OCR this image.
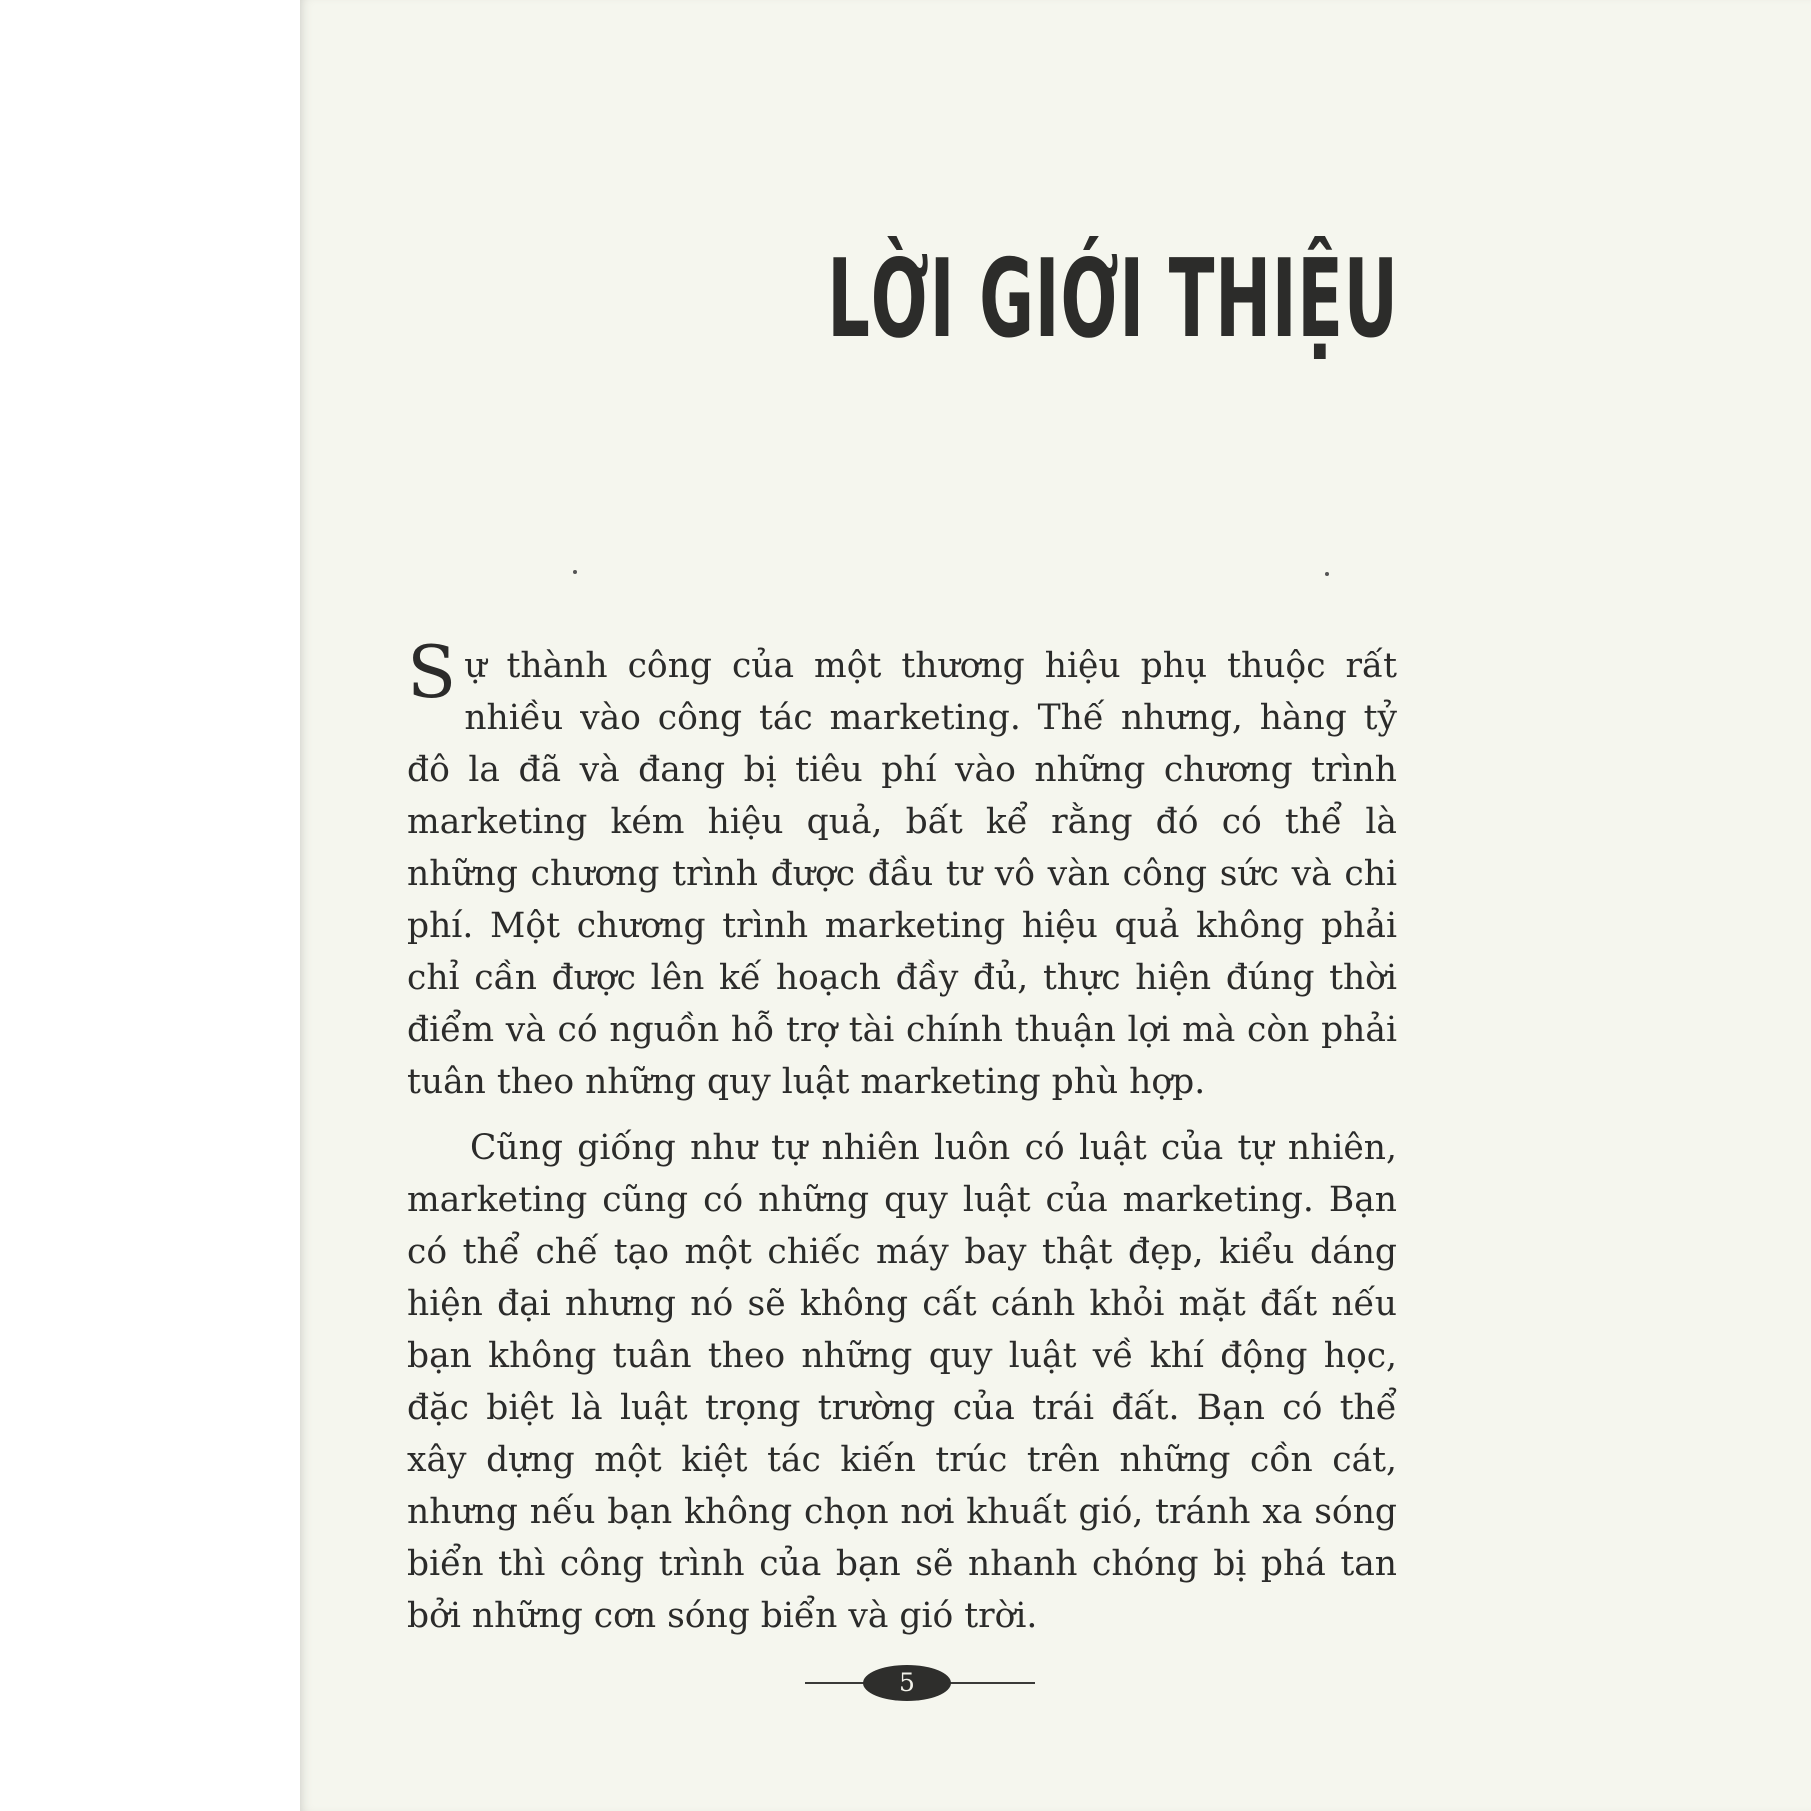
LỜI GIỚI THIỆU

Sự thành công của một thương hiệu phụ thuộc rất nhiều vào công tác marketing. Thế nhưng, hàng tỷ đô la đã và đang bị tiêu phí vào những chương trình marketing kém hiệu quả, bất kể rằng đó có thể là những chương trình được đầu tư vô vàn công sức và chi phí. Một chương trình marketing hiệu quả không phải chỉ cần được lên kế hoạch đầy đủ, thực hiện đúng thời điểm và có nguồn hỗ trợ tài chính thuận lợi mà còn phải tuân theo những quy luật marketing phù hợp.

Cũng giống như tự nhiên luôn có luật của tự nhiên, marketing cũng có những quy luật của marketing. Bạn có thể chế tạo một chiếc máy bay thật đẹp, kiểu dáng hiện đại nhưng nó sẽ không cất cánh khỏi mặt đất nếu bạn không tuân theo những quy luật về khí động học, đặc biệt là luật trọng trường của trái đất. Bạn có thể xây dựng một kiệt tác kiến trúc trên những cồn cát, nhưng nếu bạn không chọn nơi khuất gió, tránh xa sóng biển thì công trình của bạn sẽ nhanh chóng bị phá tan bởi những cơn sóng biển và gió trời.

5
